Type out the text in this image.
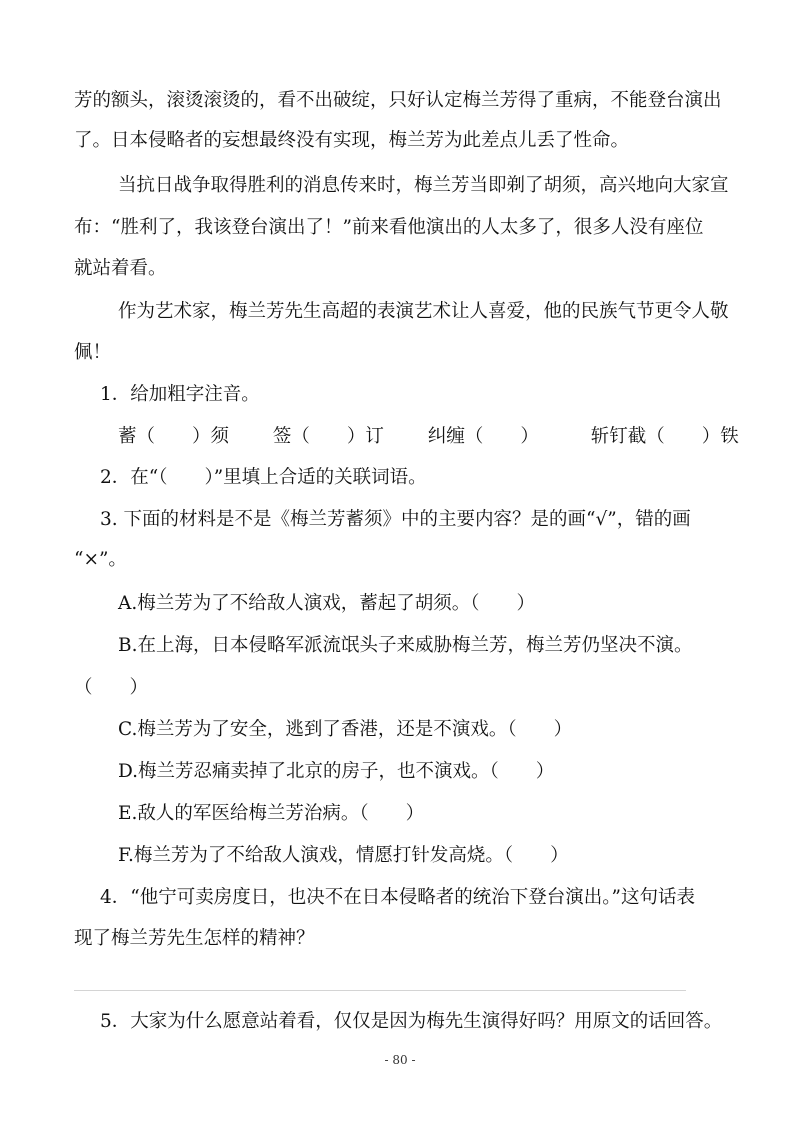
芳的额头，滚烫滚烫的，看不出破绽，只好认定梅兰芳得了重病，不能登台演出
了。日本侵略者的妄想最终没有实现，梅兰芳为此差点儿丢了性命。
当抗日战争取得胜利的消息传来时，梅兰芳当即剃了胡须，高兴地向大家宣
布：“胜利了，我该登台演出了！”前来看他演出的人太多了，很多人没有座位
就站着看。
作为艺术家，梅兰芳先生高超的表演艺术让人喜爱，他的民族气节更令人敬
佩！
1．给加粗字注音。
蓄（　　）须 签（　　）订 纠缠（　　）	斩钉截（　　）铁
2．在“（　　）”里填上合适的关联词语。
3. 下面的材料是不是《梅兰芳蓄须》中的主要内容？是的画“√”，错的画
“×”。
A.梅兰芳为了不给敌人演戏，蓄起了胡须。（　　）
B.在上海，日本侵略军派流氓头子来威胁梅兰芳，梅兰芳仍坚决不演。
（　　）
C.梅兰芳为了安全，逃到了香港，还是不演戏。（　　）
D.梅兰芳忍痛卖掉了北京的房子，也不演戏。（　　）
E.敌人的军医给梅兰芳治病。（　　）
F.梅兰芳为了不给敌人演戏，情愿打针发高烧。（　　）
4．“他宁可卖房度日，也决不在日本侵略者的统治下登台演出。”这句话表
现了梅兰芳先生怎样的精神？
5．大家为什么愿意站着看，仅仅是因为梅先生演得好吗？用原文的话回答。
- 80 -
